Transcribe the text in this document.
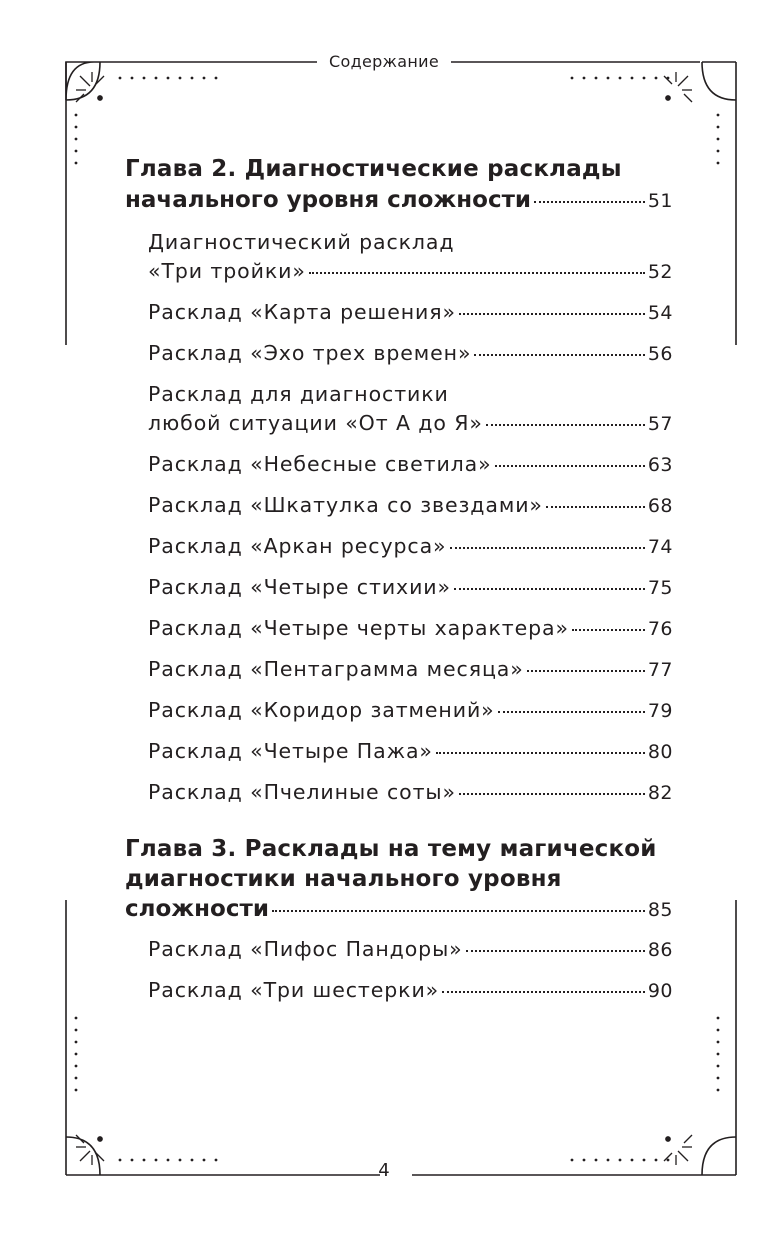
Содержание
Глава 2. Диагностические расклады
начального уровня сложности	51
Диагностический расклад
«Три тройки»	52
Расклад «Карта решения»	54
Расклад «Эхо трех времен»	56
Расклад для диагностики
любой ситуации «От А до Я»	57
Расклад «Небесные светила»	63
Расклад «Шкатулка со звездами»	68
Расклад «Аркан ресурса»	74
Расклад «Четыре стихии»	75
Расклад «Четыре черты характера»	76
Расклад «Пентаграмма месяца»	77
Расклад «Коридор затмений»	79
Расклад «Четыре Пажа»	80
Расклад «Пчелиные соты»	82
Глава 3. Расклады на тему магической
диагностики начального уровня
сложности	85
Расклад «Пифос Пандоры»	86
Расклад «Три шестерки»	90
4
